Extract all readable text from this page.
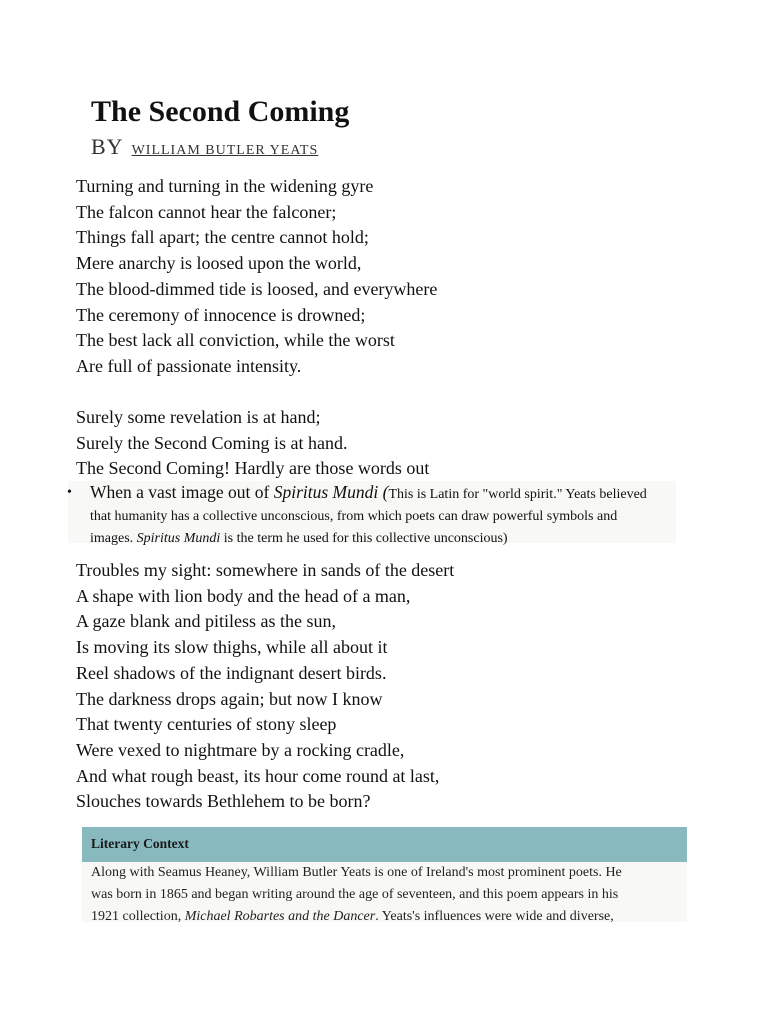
The Second Coming
BY WILLIAM BUTLER YEATS
Turning and turning in the widening gyre
The falcon cannot hear the falconer;
Things fall apart; the centre cannot hold;
Mere anarchy is loosed upon the world,
The blood-dimmed tide is loosed, and everywhere
The ceremony of innocence is drowned;
The best lack all conviction, while the worst
Are full of passionate intensity.
Surely some revelation is at hand;
Surely the Second Coming is at hand.
The Second Coming! Hardly are those words out
• When a vast image out of Spiritus Mundi (This is Latin for "world spirit." Yeats believed that humanity has a collective unconscious, from which poets can draw powerful symbols and images. Spiritus Mundi is the term he used for this collective unconscious)
Troubles my sight: somewhere in sands of the desert
A shape with lion body and the head of a man,
A gaze blank and pitiless as the sun,
Is moving its slow thighs, while all about it
Reel shadows of the indignant desert birds.
The darkness drops again; but now I know
That twenty centuries of stony sleep
Were vexed to nightmare by a rocking cradle,
And what rough beast, its hour come round at last,
Slouches towards Bethlehem to be born?
Literary Context

Along with Seamus Heaney, William Butler Yeats is one of Ireland's most prominent poets. He
was born in 1865 and began writing around the age of seventeen, and this poem appears in his
1921 collection, Michael Robartes and the Dancer. Yeats's influences were wide and diverse,
